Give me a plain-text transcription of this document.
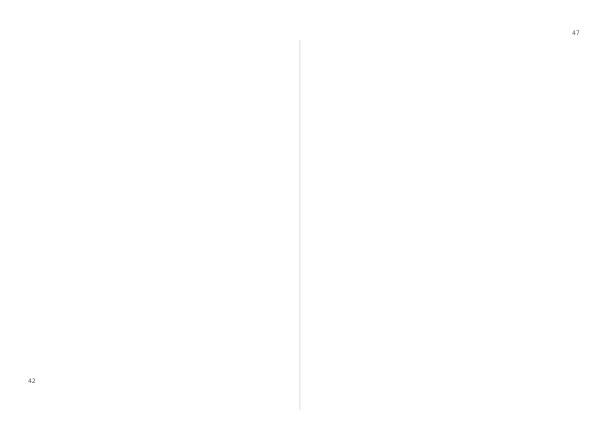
47
42
